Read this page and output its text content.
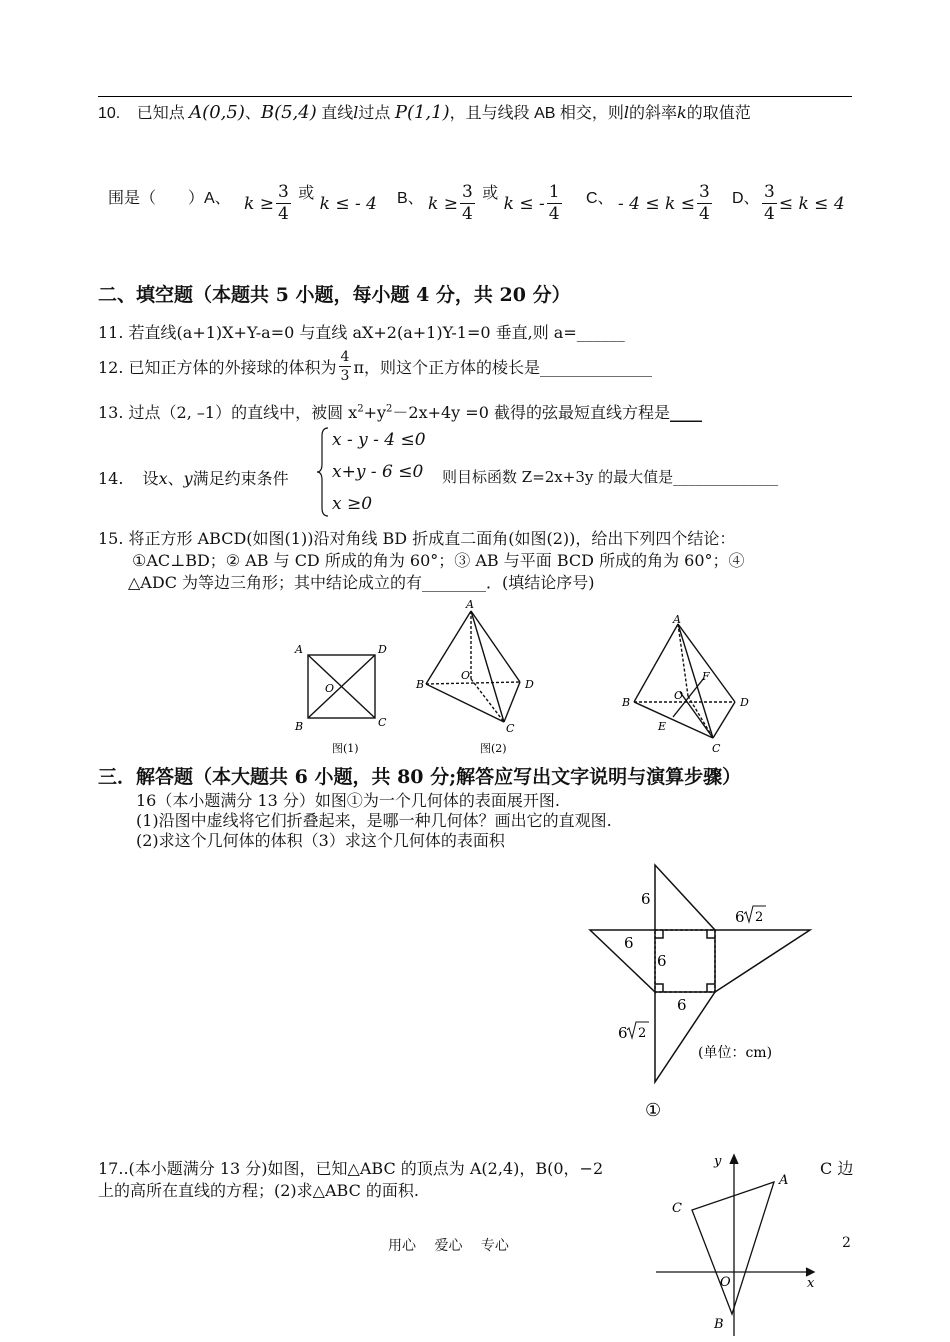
10. 已知点 A(0,5)、B(5,4) 直线l过点 P(1,1)，且与线段 AB 相交，则l的斜率k的取值范
围是（　　）A、 $k \ge \frac{3}{4}$ 或 k ≤ - 4 B、 $k \ge \frac{3}{4}$ 或 k ≤ - $\frac{1}{4}$ C、 - $4 \le k \le \frac{3}{4}$ D、 $\frac{3}{4} \le k \le 4$
二、填空题（本题共 5 小题，每小题 4 分，共 20 分）
11. 若直线(a+1)X+Y-a=0 与直线 aX+2(a+1)Y-1=0 垂直,则 a=______
12. 已知正方体的外接球的体积为 $\frac{4}{3}$ π，则这个正方体的棱长是______________
13. 过点（2, –1）的直线中，被圆 $x^2+y^2-2x+4y =0$ 截得的弦最短直线方程是____
14. 设x、y满足约束条件
x - y - 4 ≤0
x+y - 6 ≤0
x ≥0
则目标函数 Z=2x+3y 的最大值是______________
15. 将正方形 ABCD(如图(1))沿对角线 BD 折成直二面角(如图(2))，给出下列四个结论：
①AC⊥BD；② AB 与 CD 所成的角为 60°；③ AB 与平面 BCD 所成的角为 60°；④
△ADC 为等边三角形；其中结论成立的有________．(填结论序号)
A	D
O
B	C
图(1)
A
B
O
D
C
图(2)
A
F
O
B	D
E
C
三．解答题（本大题共 6 小题，共 80 分;解答应写出文字说明与演算步骤）
16（本小题满分 13 分）如图①为一个几何体的表面展开图.
(1)沿图中虚线将它们折叠起来，是哪一种几何体？画出它的直观图.
(2)求这个几何体的体积（3）求这个几何体的表面积
6
6
6
6
6
6
2
2
(单位：cm)
①
17..(本小题满分 13 分)如图，已知△ABC 的顶点为 A(2,4)，B(0，−2	C 边
上的高所在直线的方程；(2)求△ABC 的面积.
y
x
A
C
O
B
用心　 爱心　 专心	2
